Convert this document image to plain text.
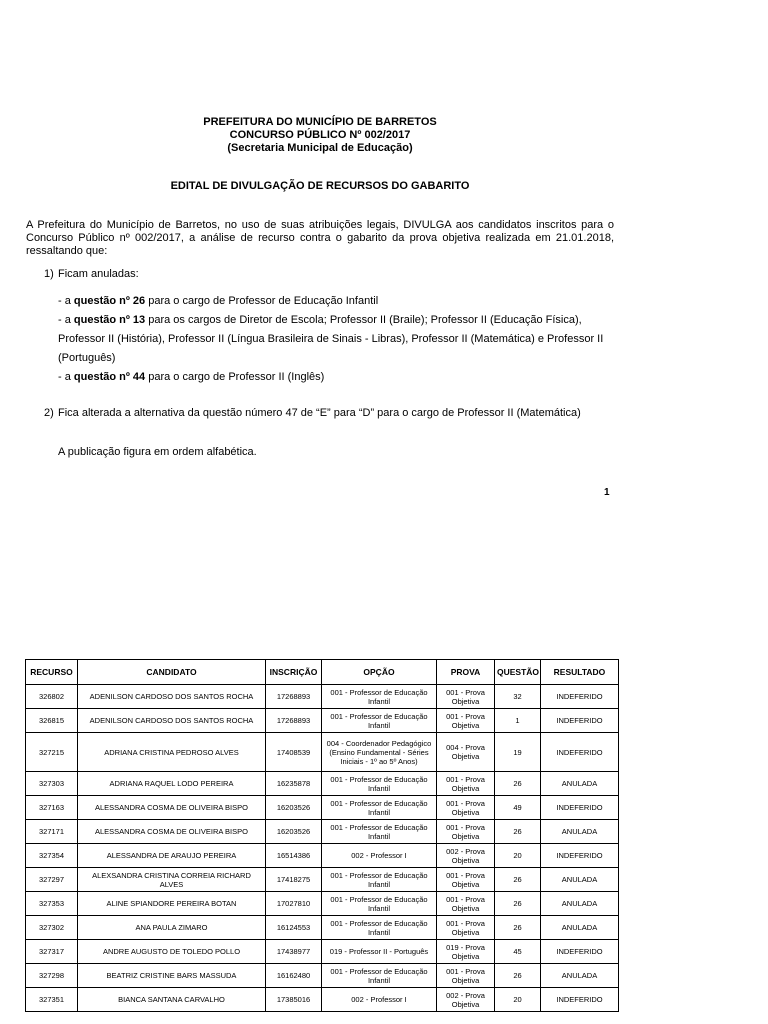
PREFEITURA DO MUNICÍPIO DE BARRETOS
CONCURSO PÚBLICO Nº 002/2017
(Secretaria Municipal de Educação)
EDITAL DE DIVULGAÇÃO DE RECURSOS DO GABARITO
A Prefeitura do Município de Barretos, no uso de suas atribuições legais, DIVULGA aos candidatos inscritos para o Concurso Público nº 002/2017, a análise de recurso contra o gabarito da prova objetiva realizada em 21.01.2018, ressaltando que:
1) Ficam anuladas:

- a questão nº 26 para o cargo de Professor de Educação Infantil

- a questão nº 13 para os cargos de Diretor de Escola; Professor II (Braile); Professor II (Educação Física), Professor II (História), Professor II (Língua Brasileira de Sinais - Libras), Professor II (Matemática) e Professor II (Português)

- a questão nº 44 para o cargo de Professor II (Inglês)

2) Fica alterada a alternativa da questão número 47 de “E” para “D” para o cargo de Professor II (Matemática)
A publicação figura em ordem alfabética.
1
RECURSO	CANDIDATO	INSCRIÇÃO	OPÇÃO	PROVA	QUESTÃO	RESULTADO
326802	ADENILSON CARDOSO DOS SANTOS ROCHA	17268893	001 - Professor de Educação Infantil	001 - Prova Objetiva	32	INDEFERIDO
326815	ADENILSON CARDOSO DOS SANTOS ROCHA	17268893	001 - Professor de Educação Infantil	001 - Prova Objetiva	1	INDEFERIDO
327215	ADRIANA CRISTINA PEDROSO ALVES	17408539	004 - Coordenador Pedagógico (Ensino Fundamental - Séries Iniciais - 1º ao 5º Anos)	004 - Prova Objetiva	19	INDEFERIDO
327303	ADRIANA RAQUEL LODO PEREIRA	16235878	001 - Professor de Educação Infantil	001 - Prova Objetiva	26	ANULADA
327163	ALESSANDRA COSMA DE OLIVEIRA BISPO	16203526	001 - Professor de Educação Infantil	001 - Prova Objetiva	49	INDEFERIDO
327171	ALESSANDRA COSMA DE OLIVEIRA BISPO	16203526	001 - Professor de Educação Infantil	001 - Prova Objetiva	26	ANULADA
327354	ALESSANDRA DE ARAUJO PEREIRA	16514386	002 - Professor I	002 - Prova Objetiva	20	INDEFERIDO
327297	ALEXSANDRA CRISTINA CORREIA RICHARD ALVES	17418275	001 - Professor de Educação Infantil	001 - Prova Objetiva	26	ANULADA
327353	ALINE SPIANDORE PEREIRA BOTAN	17027810	001 - Professor de Educação Infantil	001 - Prova Objetiva	26	ANULADA
327302	ANA PAULA ZIMARO	16124553	001 - Professor de Educação Infantil	001 - Prova Objetiva	26	ANULADA
327317	ANDRE AUGUSTO DE TOLEDO POLLO	17438977	019 - Professor II - Português	019 - Prova Objetiva	45	INDEFERIDO
327298	BEATRIZ CRISTINE BARS MASSUDA	16162480	001 - Professor de Educação Infantil	001 - Prova Objetiva	26	ANULADA
327351	BIANCA SANTANA CARVALHO	17385016	002 - Professor I	002 - Prova Objetiva	20	INDEFERIDO
